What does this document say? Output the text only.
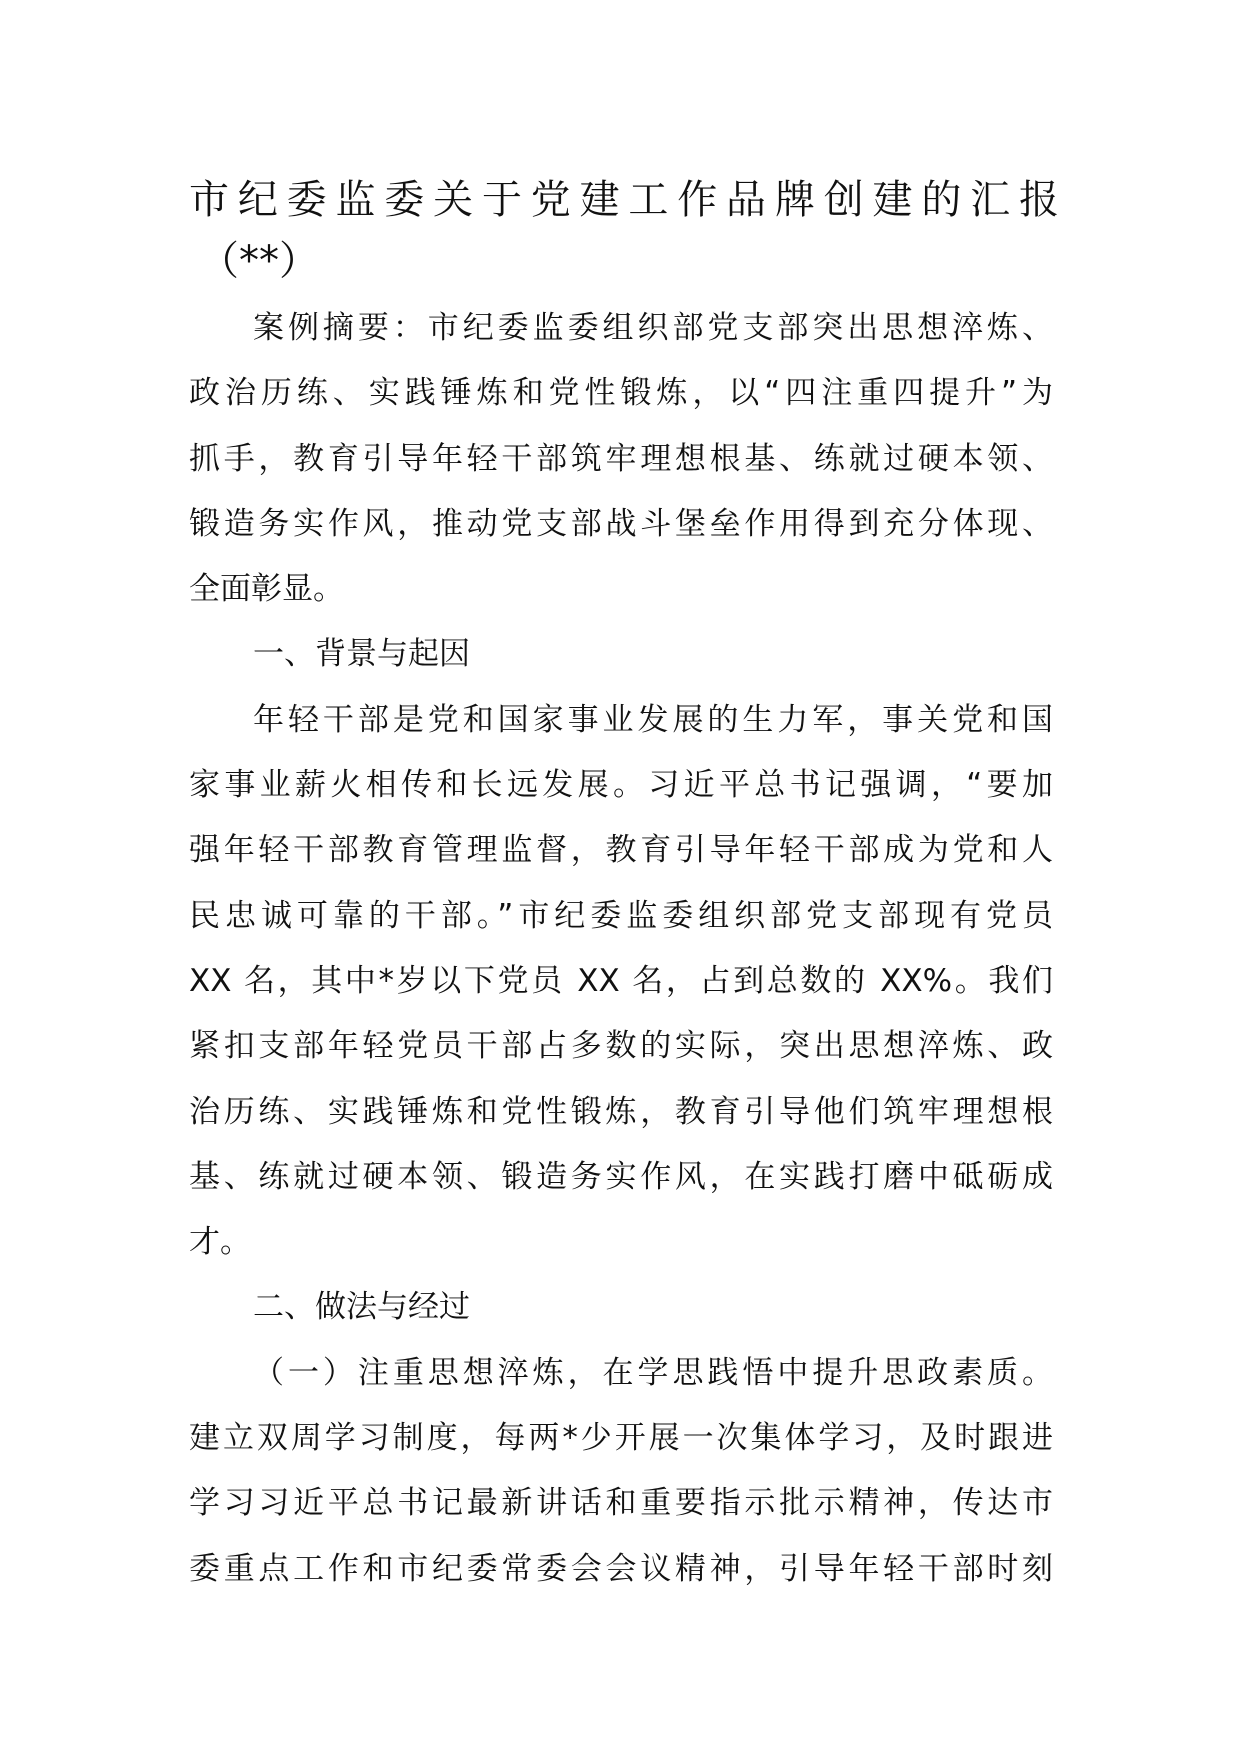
市纪委监委关于党建工作品牌创建的汇报
（**）
案例摘要：市纪委监委组织部党支部突出思想淬炼、
政治历练、实践锤炼和党性锻炼，以“四注重四提升”为
抓手，教育引导年轻干部筑牢理想根基、练就过硬本领、
锻造务实作风，推动党支部战斗堡垒作用得到充分体现、
全面彰显。
一、背景与起因
年轻干部是党和国家事业发展的生力军，事关党和国
家事业薪火相传和长远发展。习近平总书记强调，“要加
强年轻干部教育管理监督，教育引导年轻干部成为党和人
民忠诚可靠的干部。”市纪委监委组织部党支部现有党员
XX 名，其中*岁以下党员 XX 名，占到总数的 XX%。我们
紧扣支部年轻党员干部占多数的实际，突出思想淬炼、政
治历练、实践锤炼和党性锻炼，教育引导他们筑牢理想根
基、练就过硬本领、锻造务实作风，在实践打磨中砥砺成
才。
二、做法与经过
（一）注重思想淬炼，在学思践悟中提升思政素质。
建立双周学习制度，每两*少开展一次集体学习，及时跟进
学习习近平总书记最新讲话和重要指示批示精神，传达市
委重点工作和市纪委常委会会议精神，引导年轻干部时刻
